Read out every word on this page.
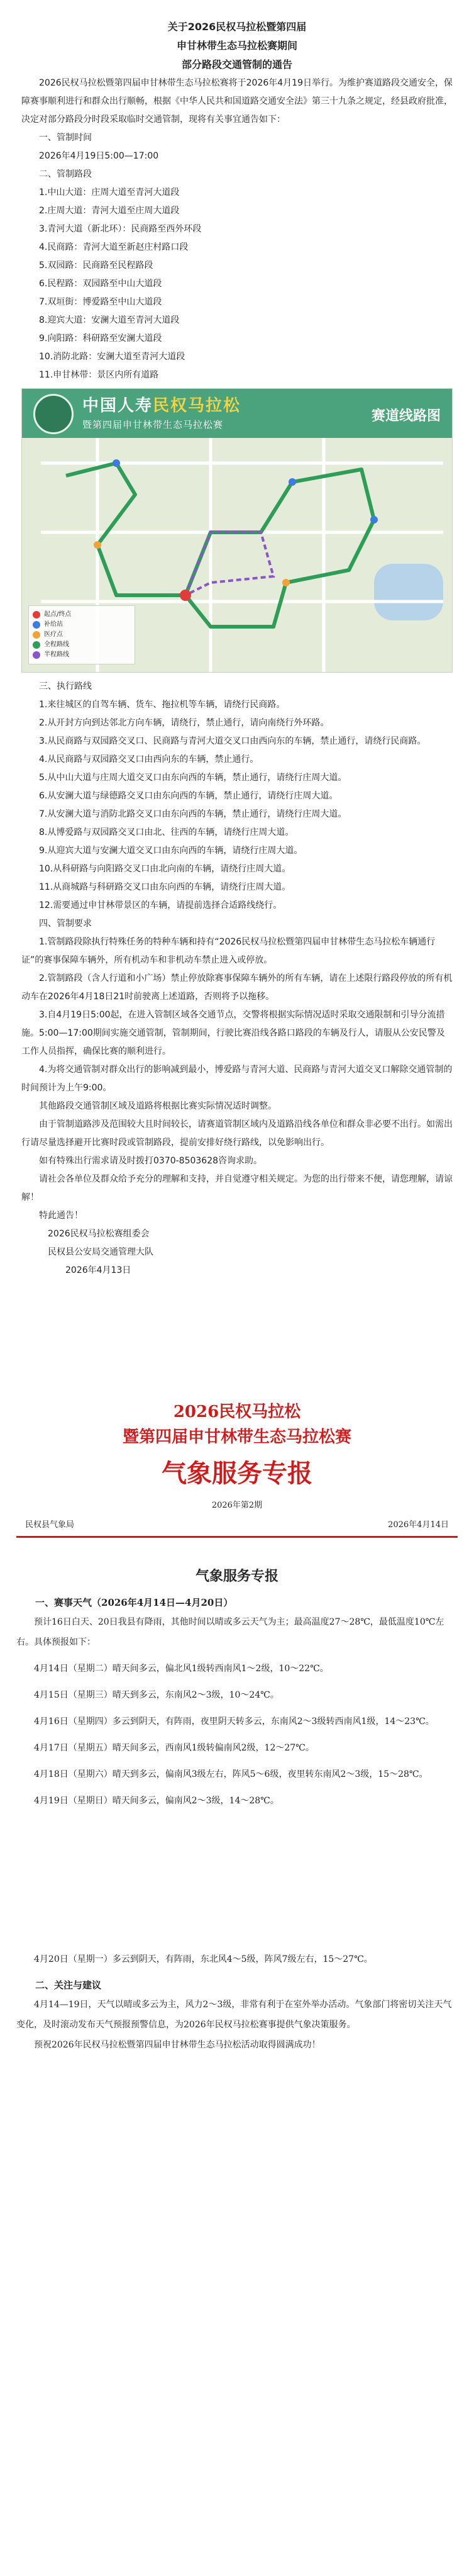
关于2026民权马拉松暨第四届
申甘林带生态马拉松赛期间
部分路段交通管制的通告

2026民权马拉松暨第四届申甘林带生态马拉松赛将于2026年4月19日举行。为维护赛道路段交通安全，保障赛事顺利进行和群众出行顺畅，根据《中华人民共和国道路交通安全法》第三十九条之规定，经县政府批准，决定对部分路段分时段采取临时交通管制，现将有关事宜通告如下：

一、管制时间
2026年4月19日5:00—17:00
二、管制路段
1.中山大道：庄周大道至青河大道段
2.庄周大道：青河大道至庄周大道段
3.青河大道（新北环）：民商路至西外环段
4.民商路：青河大道至新赵庄村路口段
5.双园路：民商路至民程路段
6.民程路：双园路至中山大道段
7.双垣街：博爱路至中山大道段
8.迎宾大道：安澜大道至青河大道段
9.向阳路：科研路至安澜大道段
10.消防北路：安澜大道至青河大道段
11.申甘林带：景区内所有道路
中国人寿民权马拉松
暨第四届申甘林带生态马拉松赛
赛道线路图
起点/终点
补给站
医疗点
全程路线
半程路线
三、执行路线
1.来往城区的自驾车辆、货车、拖拉机等车辆，请绕行民商路。
2.从开封方向到达邻北方向车辆，请绕行，禁止通行，请向南绕行外环路。
3.从民商路与双园路交叉口、民商路与青河大道交叉口由西向东的车辆，禁止通行，请绕行民商路。
4.从民商路与双园路交叉口由西向东的车辆，禁止通行。
5.从中山大道与庄周大道交叉口由东向西的车辆，禁止通行，请绕行庄周大道。
6.从安澜大道与绿德路交叉口由东向西的车辆，禁止通行，请绕行庄周大道。
7.从安澜大道与消防北路交叉口由东向西的车辆，禁止通行，请绕行庄周大道。
8.从博爱路与双园路交叉口由北、往西的车辆，请绕行庄周大道。
9.从迎宾大道与安澜大道交叉口由东向西的车辆，请绕行庄周大道。
10.从科研路与向阳路交叉口由北向南的车辆，请绕行庄周大道。
11.从商城路与科研路交叉口由东向西的车辆，请绕行庄周大道。
12.需要通过申甘林带景区的车辆，请提前选择合适路线绕行。
四、管制要求
1.管制路段除执行特殊任务的特种车辆和持有“2026民权马拉松暨第四届申甘林带生态马拉松车辆通行证”的赛事保障车辆外，所有机动车和非机动车禁止进入或停放。
2.管制路段（含人行道和小广场）禁止停放除赛事保障车辆外的所有车辆，请在上述限行路段停放的所有机动车在2026年4月18日21时前驶离上述道路，否则将予以拖移。
3.自4月19日5:00起，在进入管制区域各交通节点，交警将根据实际情况适时采取交通限制和引导分流措施。5:00—17:00期间实施交通管制，管制期间，行驶比赛沿线各路口路段的车辆及行人，请服从公安民警及工作人员指挥，确保比赛的顺利进行。
4.为将交通管制对群众出行的影响减到最小，博爱路与青河大道、民商路与青河大道交叉口解除交通管制的时间预计为上午9:00。
其他路段交通管制区域及道路将根据比赛实际情况适时调整。
由于管制道路涉及范围较大且时间较长，请赛道管制区域内及道路沿线各单位和群众非必要不出行。如需出行请尽量选择避开比赛时段或管制路段，提前安排好绕行路线，以免影响出行。
如有特殊出行需求请及时拨打0370-8503628咨询求助。
请社会各单位及群众给予充分的理解和支持，并自觉遵守相关规定。为您的出行带来不便，请您理解，请谅解！
特此通告！
2026民权马拉松赛组委会
民权县公安局交通管理大队
2026年4月13日
2026民权马拉松
暨第四届申甘林带生态马拉松赛
气象服务专报
2026年第2期
民权县气象局	2026年4月14日
气象服务专报
一、赛事天气（2026年4月14日—4月20日）

预计16日白天、20日我县有降雨，其他时间以晴或多云天气为主；最高温度27～28℃，最低温度10℃左右。具体预报如下：

4月14日（星期二）晴天间多云，偏北风1级转西南风1～2级，10～22℃。
4月15日（星期三）晴天到多云，东南风2～3级，10～24℃。
4月16日（星期四）多云到阴天，有阵雨，夜里阴天转多云，东南风2～3级转西南风1级，14～23℃。
4月17日（星期五）晴天间多云，西南风1级转偏南风2级，12～27℃。
4月18日（星期六）晴天到多云，偏南风3级左右，阵风5～6级，夜里转东南风2～3级，15～28℃。
4月19日（星期日）晴天间多云，偏南风2～3级，14～28℃。
4月20日（星期一）多云到阴天，有阵雨，东北风4～5级，阵风7级左右，15～27℃。
二、关注与建议
4月14—19日，天气以晴或多云为主，风力2～3级，非常有利于在室外举办活动。气象部门将密切关注天气变化，及时滚动发布天气预报预警信息，为2026年民权马拉松赛事提供气象决策服务。
预祝2026年民权马拉松暨第四届申甘林带生态马拉松活动取得圆满成功！
